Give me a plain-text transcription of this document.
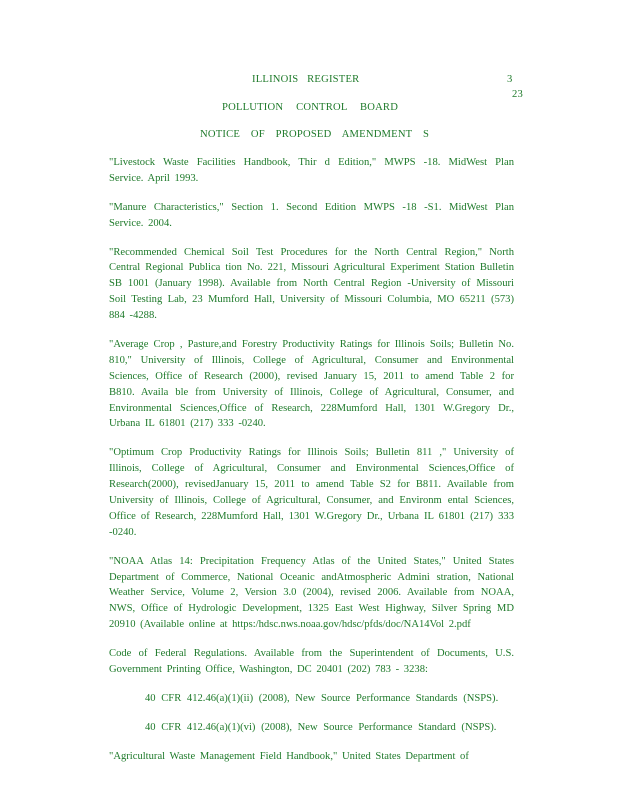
ILLINOIS REGISTER	3
23
POLLUTION CONTROL BOARD
NOTICE OF PROPOSED AMENDMENT S

"Livestock Waste Facilities Handbook, Thir d Edition," MWPS -18. MidWest Plan Service. April 1993.

"Manure Characteristics," Section 1. Second Edition MWPS -18 -S1. MidWest Plan Service. 2004.

"Recommended Chemical Soil Test Procedures for the North Central Region," North Central Regional Publica tion No. 221, Missouri Agricultural Experiment Station Bulletin SB 1001 (January 1998). Available from North Central Region -University of Missouri Soil Testing Lab, 23 Mumford Hall, University of Missouri Columbia, MO 65211 (573) 884 -4288.

"Average Crop , Pasture,and Forestry Productivity Ratings for Illinois Soils; Bulletin No. 810," University of Illinois, College of Agricultural, Consumer and Environmental Sciences, Office of Research (2000), revised January 15, 2011 to amend Table 2 for B810. Availa ble from University of Illinois, College of Agricultural, Consumer, and Environmental Sciences,Office of Research, 228Mumford Hall, 1301 W.Gregory Dr., Urbana IL 61801 (217) 333 -0240.

"Optimum Crop Productivity Ratings for Illinois Soils; Bulletin 811 ," University of Illinois, College of Agricultural, Consumer and Environmental Sciences,Office of Research(2000), revisedJanuary 15, 2011 to amend Table S2 for B811. Available from University of Illinois, College of Agricultural, Consumer, and Environm ental Sciences, Office of Research, 228Mumford Hall, 1301 W.Gregory Dr., Urbana IL 61801 (217) 333 -0240.

"NOAA Atlas 14: Precipitation Frequency Atlas of the United States," United States Department of Commerce, National Oceanic andAtmospheric Admini stration, National Weather Service, Volume 2, Version 3.0 (2004), revised 2006. Available from NOAA, NWS, Office of Hydrologic Development, 1325 East West Highway, Silver Spring MD 20910 (Available online at https:/hdsc.nws.noaa.gov/hdsc/pfds/doc/NA14Vol 2.pdf

Code of Federal Regulations. Available from the Superintendent of Documents, U.S. Government Printing Office, Washington, DC 20401 (202) 783 - 3238:

40 CFR 412.46(a)(1)(ii) (2008), New Source Performance Standards (NSPS).

40 CFR 412.46(a)(1)(vi) (2008), New Source Performance Standard (NSPS).

"Agricultural Waste Management Field Handbook," United States Department of
